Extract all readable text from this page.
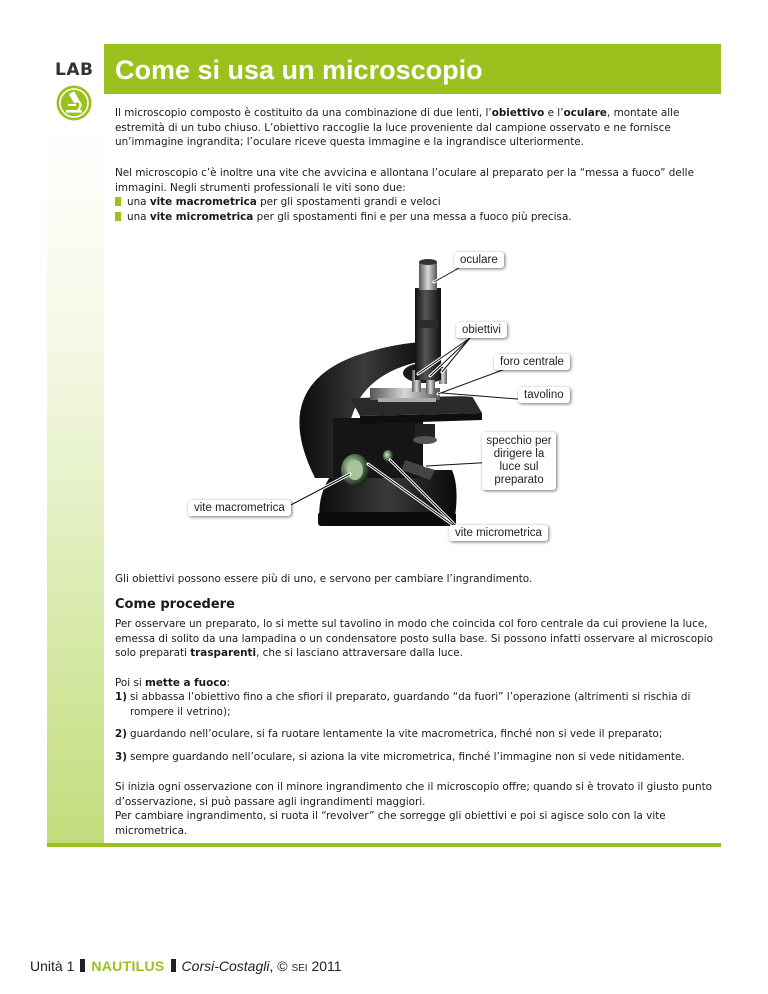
LAB Come si usa un microscopio
Il microscopio composto è costituito da una combinazione di due lenti, l’obiettivo e l’oculare, montate alle estremità di un tubo chiuso. L’obiettivo raccoglie la luce proveniente dal campione osservato e ne fornisce un’immagine ingrandita; l’oculare riceve questa immagine e la ingrandisce ulteriormente.
Nel microscopio c’è inoltre una vite che avvicina e allontana l’oculare al preparato per la “messa a fuoco” delle immagini. Negli strumenti professionali le viti sono due:
una vite macrometrica per gli spostamenti grandi e veloci
una vite micrometrica per gli spostamenti fini e per una messa a fuoco più precisa.
oculare
obiettivi
foro centrale
tavolino
specchio per dirigere la luce sul preparato
vite macrometrica
vite micrometrica
Gli obiettivi possono essere più di uno, e servono per cambiare l’ingrandimento.
Come procedere
Per osservare un preparato, lo si mette sul tavolino in modo che coincida col foro centrale da cui proviene la luce, emessa di solito da una lampadina o un condensatore posto sulla base. Si possono infatti osservare al microscopio solo preparati trasparenti, che si lasciano attraversare dalla luce.
Poi si mette a fuoco:
1) si abbassa l’obiettivo fino a che sfiori il preparato, guardando “da fuori” l’operazione (altrimenti si rischia di rompere il vetrino);
2) guardando nell’oculare, si fa ruotare lentamente la vite macrometrica, finché non si vede il preparato;
3) sempre guardando nell’oculare, si aziona la vite micrometrica, finché l’immagine non si vede nitidamente.
Si inizia ogni osservazione con il minore ingrandimento che il microscopio offre; quando si è trovato il giusto punto d’osservazione, si può passare agli ingrandimenti maggiori.
Per cambiare ingrandimento, si ruota il “revolver” che sorregge gli obiettivi e poi si agisce solo con la vite micrometrica.
Unità 1 NAUTILUS Corsi-Costagli, © SEI 2011
